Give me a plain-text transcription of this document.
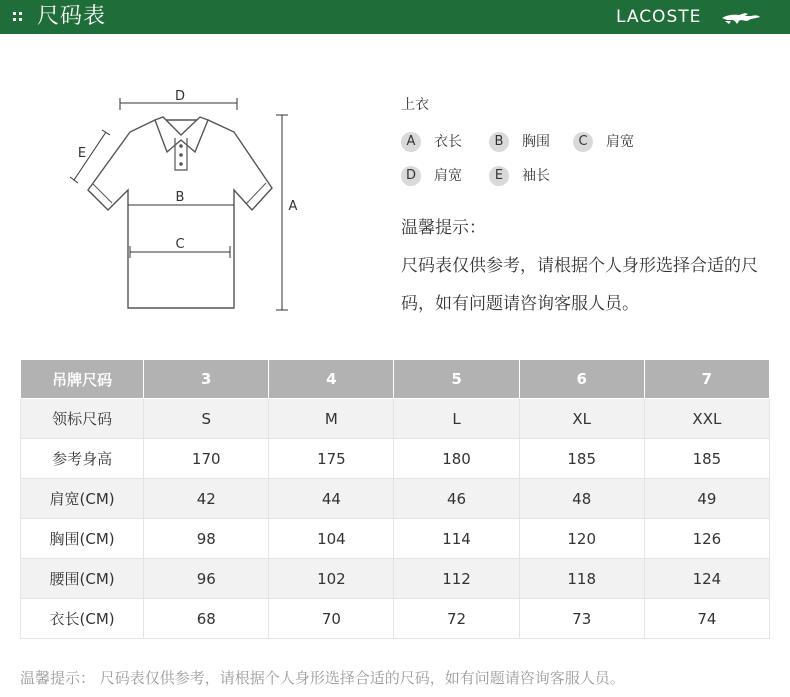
尺码表	LACOSTE
D
E
B
C
A
上衣
A	衣长	B	胸围	C	肩宽
D	肩宽	E	袖长
温馨提示：
尺码表仅供参考，请根据个人身形选择合适的尺码，如有问题请咨询客服人员。
吊牌尺码	3	4	5	6	7
领标尺码	S	M	L	XL	XXL
参考身高	170	175	180	185	185
肩宽(CM)	42	44	46	48	49
胸围(CM)	98	104	114	120	126
腰围(CM)	96	102	112	118	124
衣长(CM)	68	70	72	73	74
温馨提示： 尺码表仅供参考，请根据个人身形选择合适的尺码，如有问题请咨询客服人员。
